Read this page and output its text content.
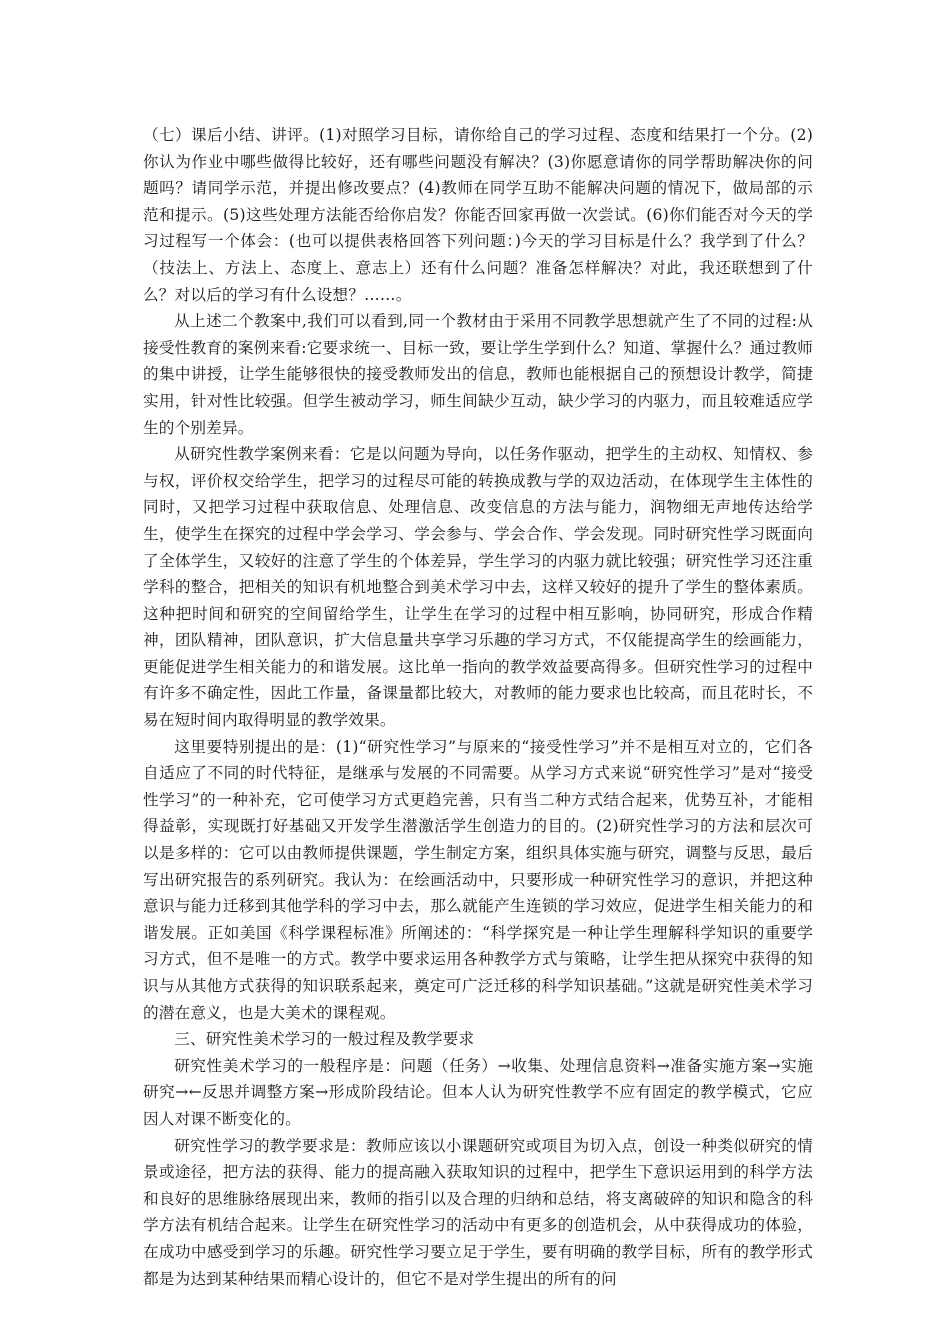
（七）课后小结、讲评。(1)对照学习目标，请你给自己的学习过程、态度和结果打一个分。(2)你认为作业中哪些做得比较好，还有哪些问题没有解决？(3)你愿意请你的同学帮助解决你的问题吗？请同学示范，并提出修改要点？(4)教师在同学互助不能解决问题的情况下，做局部的示范和提示。(5)这些处理方法能否给你启发？你能否回家再做一次尝试。(6)你们能否对今天的学习过程写一个体会：(也可以提供表格回答下列问题：)今天的学习目标是什么？我学到了什么？（技法上、方法上、态度上、意志上）还有什么问题？准备怎样解决？对此，我还联想到了什么？对以后的学习有什么设想？……。

从上述二个教案中,我们可以看到,同一个教材由于采用不同教学思想就产生了不同的过程:从接受性教育的案例来看:它要求统一、目标一致，要让学生学到什么？知道、掌握什么？通过教师的集中讲授，让学生能够很快的接受教师发出的信息，教师也能根据自己的预想设计教学，简捷实用，针对性比较强。但学生被动学习，师生间缺少互动，缺少学习的内驱力，而且较难适应学生的个别差异。

从研究性教学案例来看：它是以问题为导向，以任务作驱动，把学生的主动权、知情权、参与权，评价权交给学生，把学习的过程尽可能的转换成教与学的双边活动，在体现学生主体性的同时，又把学习过程中获取信息、处理信息、改变信息的方法与能力，润物细无声地传达给学生，使学生在探究的过程中学会学习、学会参与、学会合作、学会发现。同时研究性学习既面向了全体学生，又较好的注意了学生的个体差异，学生学习的内驱力就比较强；研究性学习还注重学科的整合，把相关的知识有机地整合到美术学习中去，这样又较好的提升了学生的整体素质。这种把时间和研究的空间留给学生，让学生在学习的过程中相互影响，协同研究，形成合作精神，团队精神，团队意识，扩大信息量共享学习乐趣的学习方式，不仅能提高学生的绘画能力，更能促进学生相关能力的和谐发展。这比单一指向的教学效益要高得多。但研究性学习的过程中有许多不确定性，因此工作量，备课量都比较大，对教师的能力要求也比较高，而且花时长，不易在短时间内取得明显的教学效果。

这里要特别提出的是：(1)“研究性学习”与原来的“接受性学习”并不是相互对立的，它们各自适应了不同的时代特征，是继承与发展的不同需要。从学习方式来说“研究性学习”是对“接受性学习”的一种补充，它可使学习方式更趋完善，只有当二种方式结合起来，优势互补，才能相得益彰，实现既打好基础又开发学生潜激活学生创造力的目的。(2)研究性学习的方法和层次可以是多样的：它可以由教师提供课题，学生制定方案，组织具体实施与研究，调整与反思，最后写出研究报告的系列研究。我认为：在绘画活动中，只要形成一种研究性学习的意识，并把这种意识与能力迁移到其他学科的学习中去，那么就能产生连锁的学习效应，促进学生相关能力的和谐发展。正如美国《科学课程标准》所阐述的：“科学探究是一种让学生理解科学知识的重要学习方式，但不是唯一的方式。教学中要求运用各种教学方式与策略，让学生把从探究中获得的知识与从其他方式获得的知识联系起来，奠定可广泛迁移的科学知识基础。”这就是研究性美术学习的潜在意义，也是大美术的课程观。

三、研究性美术学习的一般过程及教学要求

研究性美术学习的一般程序是：问题（任务）→收集、处理信息资料→准备实施方案→实施研究→←反思并调整方案→形成阶段结论。但本人认为研究性教学不应有固定的教学模式，它应因人对课不断变化的。

研究性学习的教学要求是：教师应该以小课题研究或项目为切入点，创设一种类似研究的情景或途径，把方法的获得、能力的提高融入获取知识的过程中，把学生下意识运用到的科学方法和良好的思维脉络展现出来，教师的指引以及合理的归纳和总结，将支离破碎的知识和隐含的科学方法有机结合起来。让学生在研究性学习的活动中有更多的创造机会，从中获得成功的体验，在成功中感受到学习的乐趣。研究性学习要立足于学生，要有明确的教学目标，所有的教学形式都是为达到某种结果而精心设计的，但它不是对学生提出的所有的问
